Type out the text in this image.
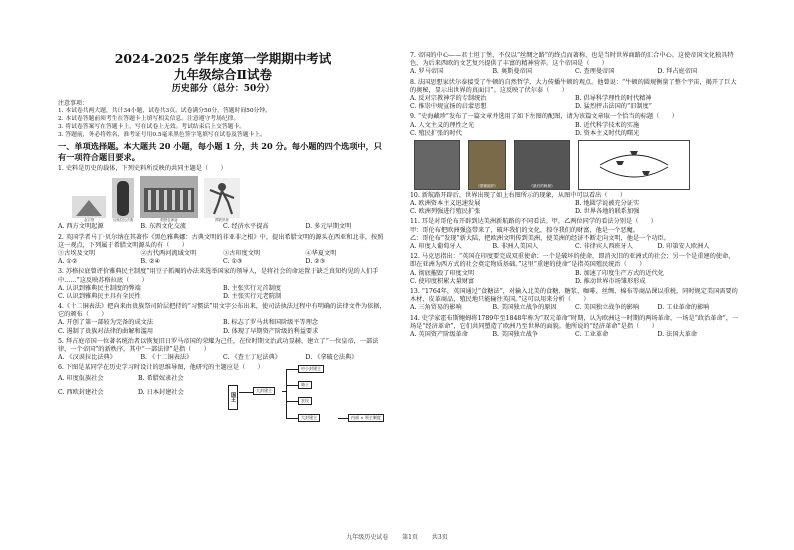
2024-2025 学年度第一学期期中考试
九年级综合Ⅱ试卷
历史部分（总分：50分）
注意事项：
1. 本试卷共两大题，共计34小题，试卷共3页。试卷满分50分，答题时间50分钟。
2. 本试卷答题前须考生在答题卡上填写相关信息。注意遵守考场纪律。
3. 将试卷答案写在答题卡上，写在试卷上无效。考试结束后上交答题卡。
3. 答题前，务必将姓名、准考证号用0.5毫米黑色签字笔填写在试卷及答题卡上。
一、单项选择题。本大题共 20 小题，每小题 1 分，共 20 分。每小题的四个选项中，只有一项符合题目要求。
1. 史料是历史的载体，下列史料所反映的共同主题是（　　）
金字塔	汉谟拉比法典	帕特农神庙	掷铁饼者
A. 西方文明起源	B. 东西文化交流	C. 经济水平提高	D. 多元早期文明
2. 英国学者马丁·贝尔纳在其著作《黑色雅典娜：古典文明的非亚非之根》中，提出希腊文明的源头在西亚和北非，按照这一观点，下列属于希腊文明源头的有（　　）
①古埃及文明	②古代两河流域文明	③古印度文明	④华夏文明
A. ①②	B. ②④	C. ①③	D. ②③
3. 苏格拉底曾评价雅典民主制度“用豆子抓阄的办法来选举国家的领导人，是将社会的命运置于缺乏真知灼见的人们手中……”这反映苏格拉底（　　）
A. 认识到雅典民主制度的弊端	B. 主张实行元首制度
C. 认识到雅典民主具有全民性	D. 主张实行元老院制
4.《十二铜表法》把向来由贵族祭司阶层把持的“习惯法”用文字公布出来，使司法执法过程中有明确的法律文件为依据，它的颁布（　　）
A. 开创了第一部较为完备的成文法	B. 标志了罗马共和国阶级平等理念
C. 遏制了贵族对法律的曲解和滥用	D. 体现了早期资产阶级的利益要求
5. 拜占庭帝国一位著名统治者以恢复旧日罗马帝国的荣耀为己任，在位时期文治武功显赫，建立了“一位皇帝，一部法律，一个帝国”的新秩序，其中“一部法律”是指（　　）
A. 《汉谟拉比法典》	B. 《十二铜表法》	C. 《查士丁尼法典》	D. 《拿破仑法典》
6. 下图是某同学在历史学习时设计的思维导图，他研究的主题应是（　　）
A. 印度佤族社会	B. 希腊奴隶社会
C. 西欧封建社会	D. 日本封建社会	国王
大封建主
中小封建主
骑士
农民
大封建主	内部 × 领主制度
7. 帝国的中心——君士坦丁堡，不仅以“丝绸之路”的终点而著称，也是当时世界商路的汇合中心。这使帝国文化独具特色，为后来西欧的文艺复兴提供了丰富的精神营养。这个帝国是（　　）
A. 罗马帝国	B. 奥斯曼帝国	C. 查理曼帝国	D. 拜占庭帝国
8. 法国思想家伏尔泰接受了牛顿的自然哲学，大力传播牛顿的观点。他曾说：“牛顿的圆规衡量了整个宇宙，揭开了巨大的奥秘，显示出世界的真面目”。这反映了伏尔泰（　　）
A. 反对宗教神学的专制统治	B. 倡导科学理性的时代精神
C. 推崇中规宣扬的启蒙思想	D. 猛烈抨击法国的“旧制度”
9. “史海藏珍”发布了一篇文章并选用了如下左图的配图，请为该篇文章取一个恰当的标题（　　）
A. 人文主义的理性之光	B. 近代科学技术的实施
C. 殖民扩张的时代	D. 资本主义时代的曙光
《蒙娜丽莎》	《最后的晚餐》
新世界	旧世界
10. 新航路开辟后，世界出现了如上右图所示的现象，从图中可以看出（　　）
A. 欧洲资本主义迅速发展	B. 地圆学说被充分证实
C. 欧洲列强进行殖民扩张	D. 世界各地的联系加强
11. 耳是对哥伦布开辟到达美洲新航路的不同看法。甲，乙两位同学的看法分别是（　　）
甲：哥伦布把欧洲强盗带来了，破坏我们的文化，掠夺我们的财富，他是一个恶魔。
乙：哥伦布“发现”新大陆，把欧洲文明传到美洲，使美洲的经济不断走向文明，他是一个功臣。
A. 印度人葡萄牙人	B. 非洲人美国人	C. 非律宾人西班牙人	D. 印第安人欧洲人
12. 马克思指出：“英国在印度要完成双重使命：一个是破坏的使命，即消灭旧的亚洲式的社会；另一个是重建的使命，即在亚洲为西方式的社会奠定物质基础。”这里“重建的使命”是指英国殖民统治（　　）
A. 彻底摧毁了印度文明	B. 加速了印度生产方式的近代化
C. 使印度积累大量财富	D. 推动世界市场雏形形成
13. “1764年，英国通过“食糖法”，对输入北美的食糖、糖浆、咖啡、丝绸、棉布等商品课以重税，同时规定美国需要的木材、皮革商品，殖民地只能输往英国。”这可以用来分析（　　）
A. 三角贸易的影响	B. 美国独立战争的原因	C. 美国独立战争的影响	D. 工业革命的影响
14. 史学家霍布斯鲍姆将1789年至1848年称为“双元革命”时期，认为欧洲这一时期的两场革命，一场是“政治革命”，一场是“经济革命”，它们共同塑造了欧洲乃至世界的面貌。他所说的“经济革命”是指（　　）
A. 英国资产阶级革命	B. 美国独立战争	C. 工业革命	D. 法国大革命
九年级历史试卷 第1页 共3页
